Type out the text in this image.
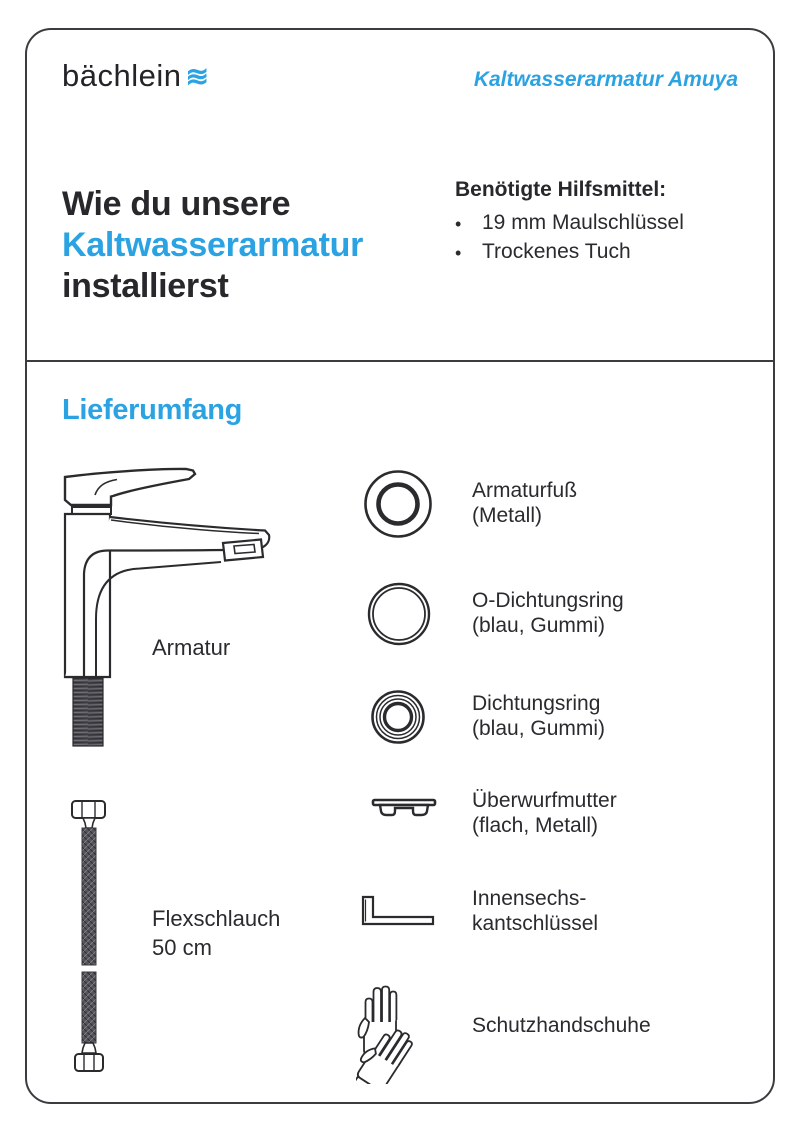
bächlein ≋	Kaltwasserarmatur Amuya
Wie du unsere
Kaltwasserarmatur
installierst
Benötigte Hilfsmittel:
• 19 mm Maulschlüssel
• Trockenes Tuch
Lieferumfang
Armatur
Flexschlauch
50 cm
Armaturfuß
(Metall)
O-Dichtungsring
(blau, Gummi)
Dichtungsring
(blau, Gummi)
Überwurfmutter
(flach, Metall)
Innensechs-
kantschlüssel
Schutzhandschuhe
